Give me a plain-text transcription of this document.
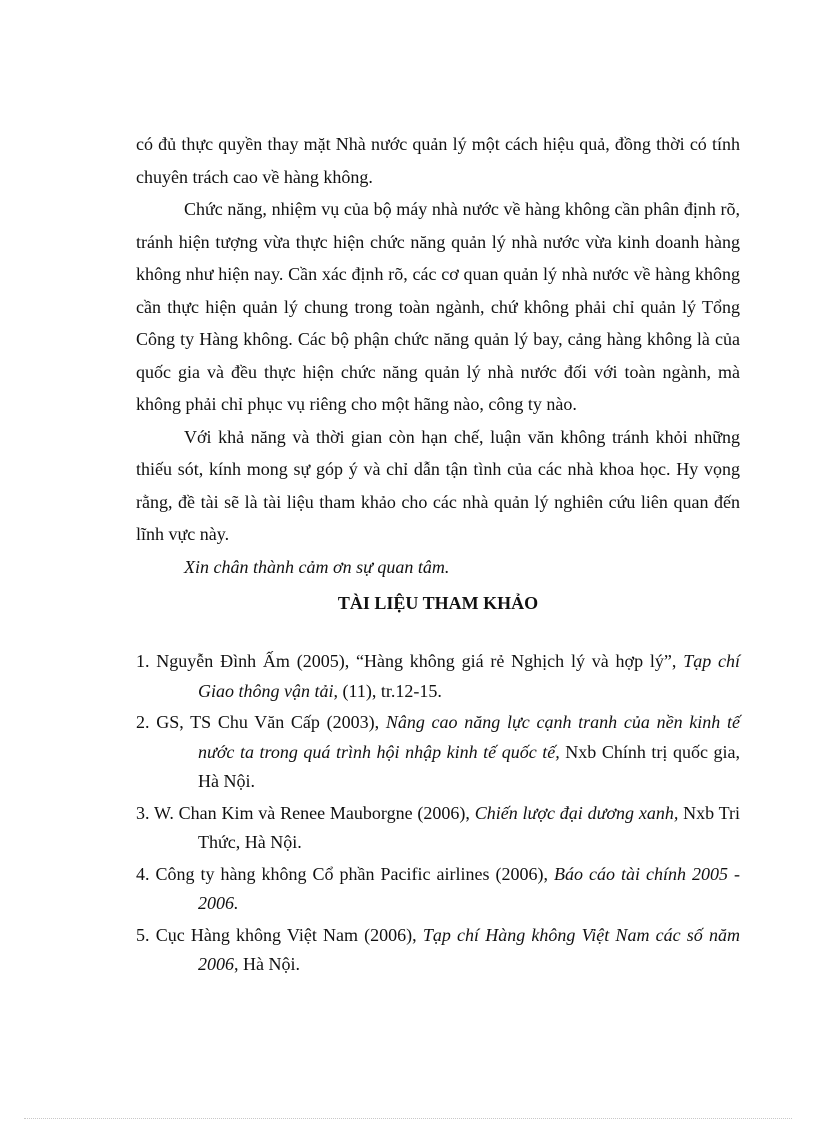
có đủ thực quyền thay mặt Nhà nước quản lý một cách hiệu quả, đồng thời có tính chuyên trách cao về hàng không.

Chức năng, nhiệm vụ của bộ máy nhà nước về hàng không cần phân định rõ, tránh hiện tượng vừa thực hiện chức năng quản lý nhà nước vừa kinh doanh hàng không như hiện nay. Cần xác định rõ, các cơ quan quản lý nhà nước về hàng không cần thực hiện quản lý chung trong toàn ngành, chứ không phải chỉ quản lý Tổng Công ty Hàng không. Các bộ phận chức năng quản lý bay, cảng hàng không là của quốc gia và đều thực hiện chức năng quản lý nhà nước đối với toàn ngành, mà không phải chỉ phục vụ riêng cho một hãng nào, công ty nào.

Với khả năng và thời gian còn hạn chế, luận văn không tránh khỏi những thiếu sót, kính mong sự góp ý và chỉ dẫn tận tình của các nhà khoa học. Hy vọng rằng, đề tài sẽ là tài liệu tham khảo cho các nhà quản lý nghiên cứu liên quan đến lĩnh vực này.

Xin chân thành cảm ơn sự quan tâm.

TÀI LIỆU THAM KHẢO
1. Nguyễn Đình Ấm (2005), “Hàng không giá rẻ Nghịch lý và hợp lý”, Tạp chí Giao thông vận tải, (11), tr.12-15.
2. GS, TS Chu Văn Cấp (2003), Nâng cao năng lực cạnh tranh của nền kinh tế nước ta trong quá trình hội nhập kinh tế quốc tế, Nxb Chính trị quốc gia, Hà Nội.
3. W. Chan Kim và Renee Mauborgne (2006), Chiến lược đại dương xanh, Nxb Tri Thức, Hà Nội.
4. Công ty hàng không Cổ phần Pacific airlines (2006), Báo cáo tài chính 2005 - 2006.
5. Cục Hàng không Việt Nam (2006), Tạp chí Hàng không Việt Nam các số năm 2006, Hà Nội.
